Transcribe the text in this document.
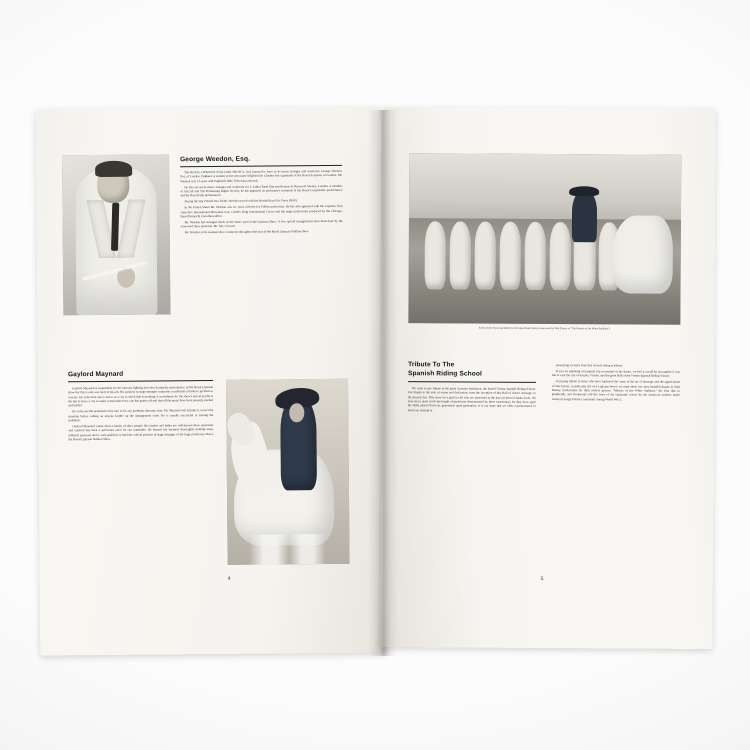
George Weedon, Esq.

The ROYAL LIPIZZAN STALLION SHOW is very honored to have as its music arranger and conductor, George Weedon, Esq. of London, England. A student of the renowned Siegfried De Charbot and a graduate of the Royal Academy of London, Mr. Weedon was 14 years with England's BBC Television network.

He also served as music arranger and conductor for J. Arthur Rank film productions at Pinewood Studios, London. A member of ASCAP and The Performing Rights Society, he has appeared on performer's invitation at the Royal Commander performance and the Royal Film performance.

During the War (World War II) Mr. Weedon served with the British Royal Air Force (RAF).

In the United States Mr. Weedon was six years with the Ice Follies production. He has also appeared with the Capades, Don Ameche's International Showtime tour, Castle's King International Circus and the stage productions produced by the Chicago-based Barnes & Carruthers office.

Mr. Weedon has arranged much of the music used at the Lipizzan Show. A few special arrangements have been done by the renowned show musician, Mr. Issy Cervone.

Mr. Weedon is the resident show conductor throughout the tour of the Royal Lipizzan Stallion show.

Gaylord Maynard

Gaylord Maynard is responsible for the intricate lighting direction during the performance of the Royal Lipizzan show but this is only one facet of his job. His position as stage manager comprises a multitude of tasks to perform or oversee. He is the first one to arrive in a city to check that everything is in readiness for the show's arrival and he is the last to leave a city to make certain that every one has gotten off and that all the props have been properly packed and loaded.

He is the one the performers first turn to for any problems that may arise. Mr. Maynard will attempt to correct the situation before calling on anyone further up the management scale. He is usually successful in solving the problems.

Gaylord Maynard comes from a family of show people. His mother and father are well-known show musicians and Gaylord has been a performer since he can remember. He learned the business thoroughly holding many different positions and is well-qualified to hold the critical position of stage manager of the huge production that is the Royal Lipizzan Stallion Show.

4
Scene of the rescue and battle by the United States Army (as pictured by Walt Disney in "The Miracle of the White Stallions")
Tribute To The
Spanish Riding School

We wish to pay tribute to the great Austrian institution, the famed Vienna Spanish Riding School. Our thanks to the men of vision and dedication, from the inception of this Hall of classic dressage, to the present day. They have set a goal for all who are interested in the true art form of haute école. We may never quite reach the height of perfection demonstrated by these equestrians, for they drew upon the skills passed down by generation upon generation. It is our hope that we offer a performance to merit our attempt at

presenting excerpts from this revered riding academy.

If you are planning a European trip at anytime in the future, we feel it would be incomplete if you fail to visit the city of dreams, Vienna, and the great Hall of the Vienna Spanish Riding School.

In paying tribute to those who have furthered the cause of the art of dressage and the appreciation of fine horses, in particular the rare Lipizzan breed, we must shout our most heartfelt thanks to Walt Disney Productions for their motion picture, "Miracle of the White Stallions," the film that so graphically and eloquently told the story of the Lipizzans' rescue by the American soldiers under General George Patton's command, during World War 2.

5
